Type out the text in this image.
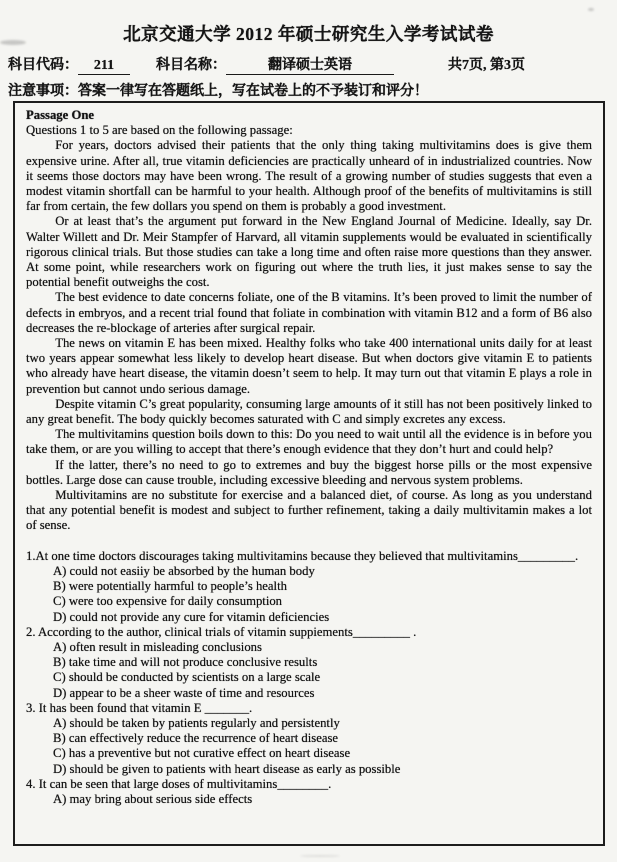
北京交通大学 2012 年硕士研究生入学考试试卷
科目代码： 211	科目名称：	翻译硕士英语	共7页, 第3页
注意事项：答案一律写在答题纸上，写在试卷上的不予装订和评分！
Passage One
Questions 1 to 5 are based on the following passage:

For years, doctors advised their patients that the only thing taking multivitamins does is give them expensive urine. After all, true vitamin deficiencies are practically unheard of in industrialized countries. Now it seems those doctors may have been wrong. The result of a growing number of studies suggests that even a modest vitamin shortfall can be harmful to your health. Although proof of the benefits of multivitamins is still far from certain, the few dollars you spend on them is probably a good investment.

Or at least that’s the argument put forward in the New England Journal of Medicine. Ideally, say Dr. Walter Willett and Dr. Meir Stampfer of Harvard, all vitamin supplements would be evaluated in scientifically rigorous clinical trials. But those studies can take a long time and often raise more questions than they answer. At some point, while researchers work on figuring out where the truth lies, it just makes sense to say the potential benefit outweighs the cost.

The best evidence to date concerns foliate, one of the B vitamins. It’s been proved to limit the number of defects in embryos, and a recent trial found that foliate in combination with vitamin B12 and a form of B6 also decreases the re-blockage of arteries after surgical repair.

The news on vitamin E has been mixed. Healthy folks who take 400 international units daily for at least two years appear somewhat less likely to develop heart disease. But when doctors give vitamin E to patients who already have heart disease, the vitamin doesn’t seem to help. It may turn out that vitamin E plays a role in prevention but cannot undo serious damage.

Despite vitamin C’s great popularity, consuming large amounts of it still has not been positively linked to any great benefit. The body quickly becomes saturated with C and simply excretes any excess.

The multivitamins question boils down to this: Do you need to wait until all the evidence is in before you take them, or are you willing to accept that there’s enough evidence that they don’t hurt and could help?

If the latter, there’s no need to go to extremes and buy the biggest horse pills or the most expensive bottles. Large dose can cause trouble, including excessive bleeding and nervous system problems.

Multivitamins are no substitute for exercise and a balanced diet, of course. As long as you understand that any potential benefit is modest and subject to further refinement, taking a daily multivitamin makes a lot of sense.

1.At one time doctors discourages taking multivitamins because they believed that multivitamins_________.

A) could not easiiy be absorbed by the human body
B) were potentially harmful to people’s health
C) were too expensive for daily consumption
D) could not provide any cure for vitamin deficiencies

2. According to the author, clinical trials of vitamin suppiements_________ .

A) often result in misleading conclusions
B) take time and will not produce conclusive results
C) should be conducted by scientists on a large scale
D) appear to be a sheer waste of time and resources

3. It has been found that vitamin E _______.

A) should be taken by patients regularly and persistently
B) can effectively reduce the recurrence of heart disease
C) has a preventive but not curative effect on heart disease
D) should be given to patients with heart disease as early as possible

4. It can be seen that large doses of multivitamins________.

A) may bring about serious side effects
